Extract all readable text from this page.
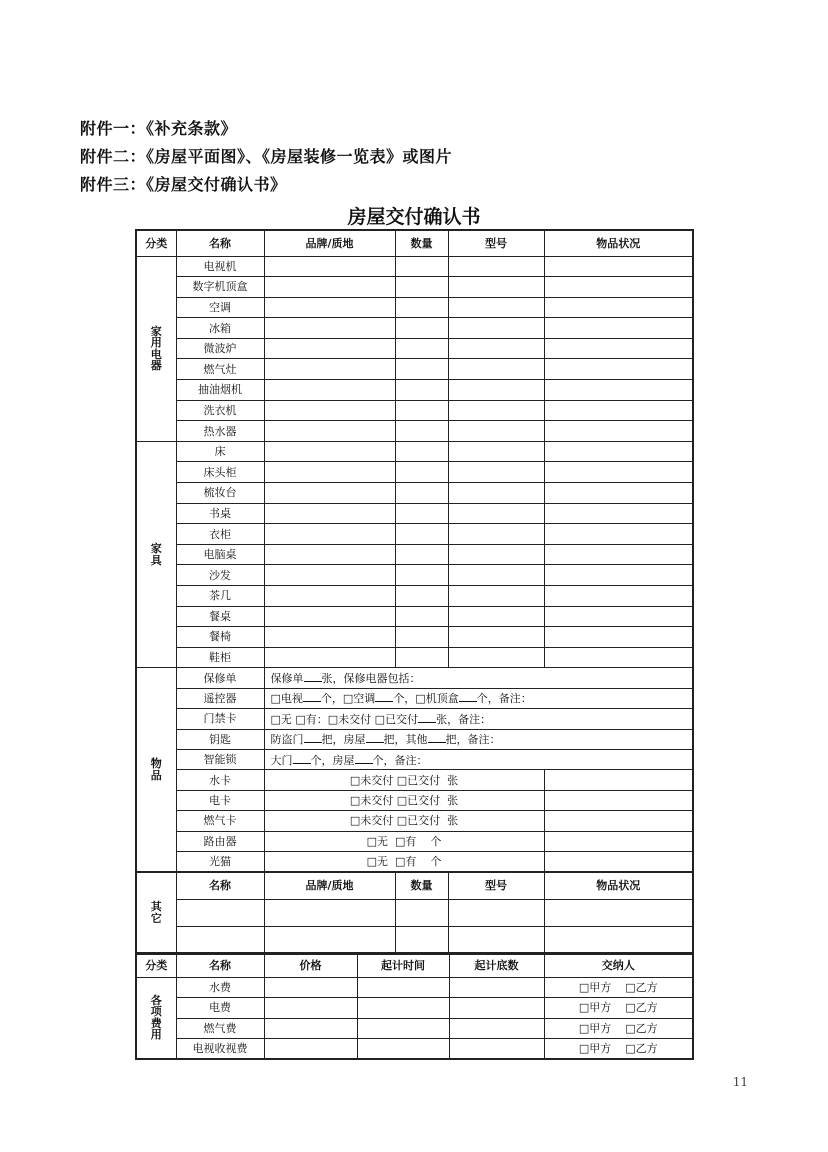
附件一：《补充条款》
附件二：《房屋平面图》、《房屋装修一览表》或图片
附件三：《房屋交付确认书》
房屋交付确认书
分类	名称	品牌/质地	数量	型号	物品状况
家用电器	电视机				
	数字机顶盒				
	空调				
	冰箱				
	微波炉				
	燃气灶				
	抽油烟机				
	洗衣机				
	热水器				
家具	床				
	床头柜				
	梳妆台				
	书桌				
	衣柜				
	电脑桌				
	沙发				
	茶几				
	餐桌				
	餐椅				
	鞋柜				
物品	保修单	保修单 张，保修电器包括：			
	遥控器	□电视 个，□空调 个，□机顶盒 个，备注：			
	门禁卡	□无 □有：□未交付 □已交付 张，备注：			
	钥匙	防盗门 把，房屋 把，其他 把，备注：			
	智能锁	大门 个，房屋 个，备注：			
	水卡	□未交付 □已交付  张			
	电卡	□未交付 □已交付  张			
	燃气卡	□未交付 □已交付  张			
	路由器	□无  □有    个			
	光猫	□无  □有    个			
其它	名称	品牌/质地	数量	型号	物品状况

分类	名称	价格	起计时间	起计底数	交纳人
各项费用	水费				□甲方    □乙方
	电费				□甲方    □乙方
	燃气费				□甲方    □乙方
	电视收视费				□甲方    □乙方
11
